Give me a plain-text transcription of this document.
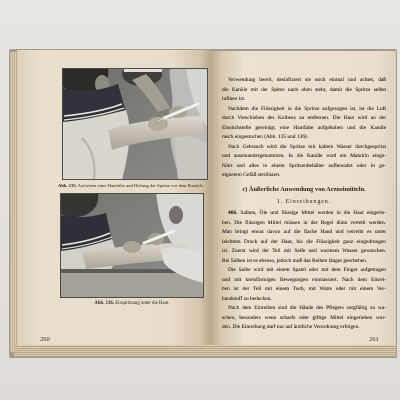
Abb. 135. Aufsetzen einer Hautfalte und Haltung der Spritze vor dem Einstich.
Abb. 136. Einspritzung unter die Haut.
260
Verwendung bereit, desinfiziert sie noch einmal und achtet, daß
die Kanüle mit der Spitze nach oben steht, damit die Spritze selbst
luftleer ist.
Nachdem die Flüssigkeit in die Spritze aufgezogen ist, ist die Luft
durch Vorschieben des Kolbens zu entfernen. Die Haut wird an der
Einstichstelle gereinigt, eine Hautfalte aufgehoben und die Kanüle
rasch eingestochen (Abb. 135 und 136).
Nach Gebrauch wird die Spritze mit kaltem Wasser durchgespritzt
und auseinandergenommen. In die Kanüle wird ein Mandrin einge-
führt und alles in einem Spritzenbehälter aufbewahrt oder in ge-
eignetem Gefäß sterilisiert.
c) Äußerliche Anwendung von Arzneimitteln.
1. Einreibungen.
466. Salben, Öle und flüssige Mittel werden in die Haut eingerie-
ben. Die flüssigen Mittel müssen in der Regel dünn verteilt werden.
Man bringt etwas davon auf die flache Hand und verreibt es unter
leichtem Druck auf der Haut, bis die Flüssigkeit ganz eingedrungen
ist. Zuerst wird der Teil mit Seife und warmem Wasser gewaschen.
Bei Salben ist es ebenso, jedoch muß das Reiben länger geschehen.
Die Salbe wird mit einem Spatel oder mit dem Finger aufgetragen
und mit kreisförmigen Bewegungen einmassiert. Nach dem Einrei-
ben ist der Teil mit einem Tuch, mit Watte oder mit einem Ver-
bandstoff zu bedecken.
Nach dem Einreiben sind die Hände des Pflegers sorgfältig zu wa-
schen, besonders wenn scharfe oder giftige Mittel eingerieben wur-
den. Die Einreibung darf nur auf ärztliche Verordnung erfolgen.
261
